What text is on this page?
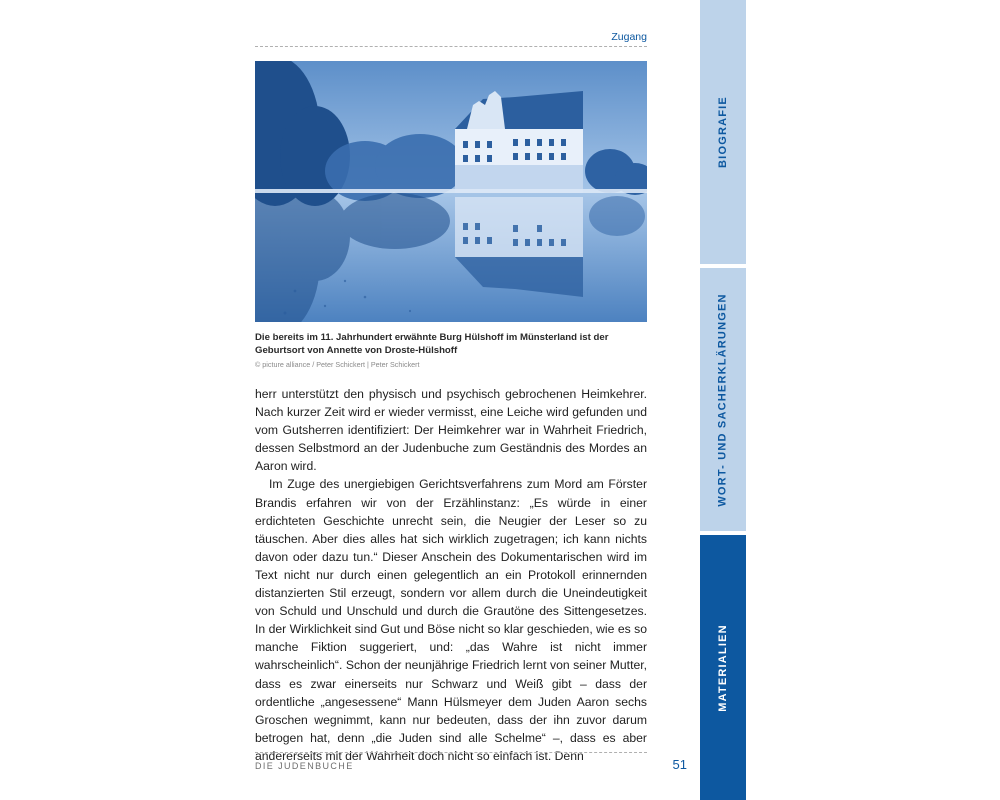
Zugang
Die bereits im 11. Jahrhundert erwähnte Burg Hülshoff im Münsterland ist der Geburtsort von Annette von Droste-Hülshoff
© picture alliance / Peter Schickert | Peter Schickert

herr unterstützt den physisch und psychisch gebrochenen Heimkehrer. Nach kurzer Zeit wird er wieder vermisst, eine Leiche wird gefunden und vom Gutsherren identifiziert: Der Heimkehrer war in Wahrheit Friedrich, dessen Selbstmord an der Judenbuche zum Geständnis des Mordes an Aaron wird.

Im Zuge des unergiebigen Gerichtsverfahrens zum Mord am Förster Brandis erfahren wir von der Erzählinstanz: „Es würde in einer erdichteten Geschichte unrecht sein, die Neugier der Leser so zu täuschen. Aber dies alles hat sich wirklich zugetragen; ich kann nichts davon oder dazu tun.“ Dieser Anschein des Dokumentarischen wird im Text nicht nur durch einen gelegentlich an ein Protokoll erinnernden distanzierten Stil erzeugt, sondern vor allem durch die Uneindeutigkeit von Schuld und Unschuld und durch die Grautöne des Sittengesetzes. In der Wirklichkeit sind Gut und Böse nicht so klar geschieden, wie es so manche Fiktion suggeriert, und: „das Wahre ist nicht immer wahrscheinlich“. Schon der neunjährige Friedrich lernt von seiner Mutter, dass es zwar einerseits nur Schwarz und Weiß gibt – dass der ordentliche „angesessene“ Mann Hülsmeyer dem Juden Aaron sechs Groschen wegnimmt, kann nur bedeuten, dass der ihn zuvor darum betrogen hat, denn „die Juden sind alle Schelme“ –, dass es aber andererseits mit der Wahrheit doch nicht so einfach ist. Denn

DIE JUDENBUCHE	51
BIOGRAFIE
WORT- UND SACHERKLÄRUNGEN
MATERIALIEN
